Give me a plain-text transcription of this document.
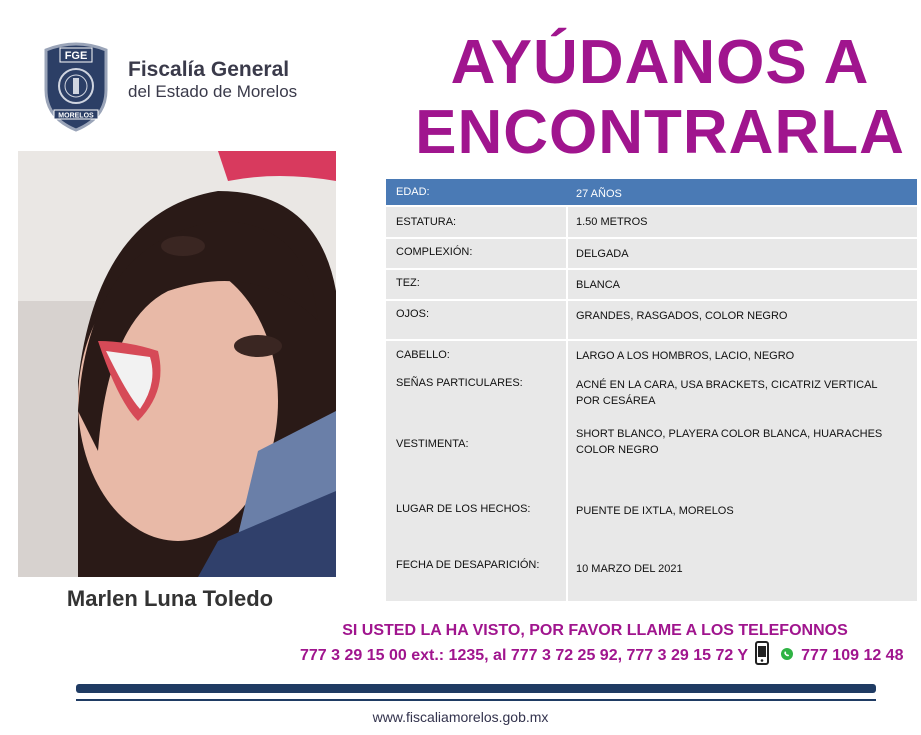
FGE
MORELOS
Fiscalía General
del Estado de Morelos	AYÚDANOS A
ENCONTRARLA
Marlen Luna Toledo
EDAD:	27 AÑOS
ESTATURA:	1.50 METROS
COMPLEXIÓN:	DELGADA
TEZ:	BLANCA
OJOS:	GRANDES, RASGADOS, COLOR NEGRO
CABELLO:	LARGO A LOS HOMBROS, LACIO, NEGRO
SEÑAS PARTICULARES:	ACNÉ EN LA CARA, USA BRACKETS, CICATRIZ VERTICAL POR CESÁREA
VESTIMENTA:
SHORT BLANCO, PLAYERA COLOR BLANCA, HUARACHES COLOR NEGRO
LUGAR DE LOS HECHOS:	PUENTE DE IXTLA, MORELOS
FECHA DE DESAPARICIÓN:	10 MARZO DEL 2021
SI USTED LA HA VISTO, POR FAVOR LLAME A LOS TELEFONNOS
777 3 29 15 00 ext.: 1235, al 777 3 72 25 92, 777 3 29 15 72 Y	777 109 12 48
www.fiscaliamorelos.gob.mx
